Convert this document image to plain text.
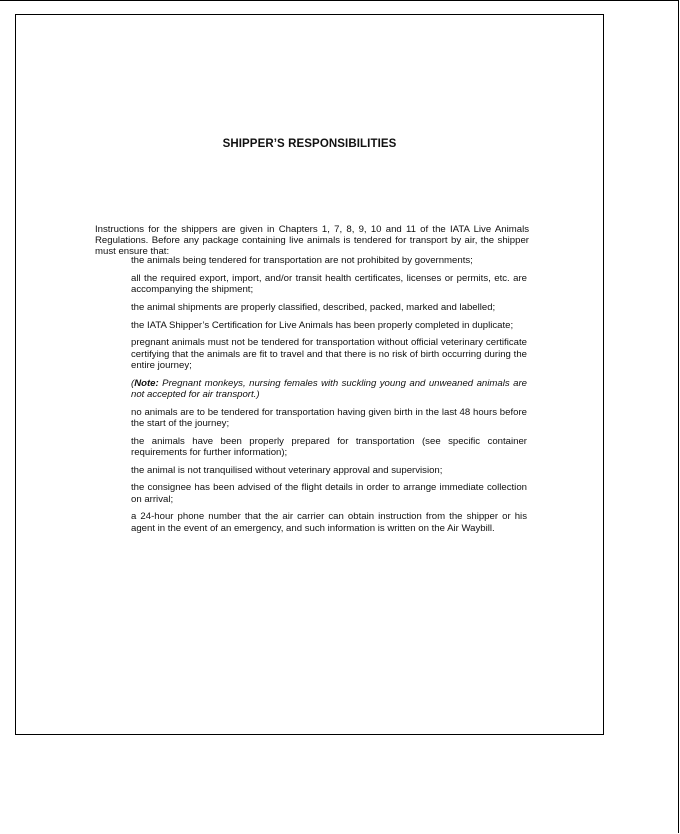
SHIPPER’S RESPONSIBILITIES

Instructions for the shippers are given in Chapters 1, 7, 8, 9, 10 and 11 of the IATA Live Animals Regulations. Before any package containing live animals is tendered for transport by air, the shipper must ensure that:

the animals being tendered for transportation are not prohibited by governments;
all the required export, import, and/or transit health certificates, licenses or permits, etc. are accompanying the shipment;
the animal shipments are properly classified, described, packed, marked and labelled;
the IATA Shipper’s Certification for Live Animals has been properly completed in duplicate;
pregnant animals must not be tendered for transportation without official veterinary certificate certifying that the animals are fit to travel and that there is no risk of birth occurring during the entire journey;
(Note: Pregnant monkeys, nursing females with suckling young and unweaned animals are not accepted for air transport.)
no animals are to be tendered for transportation having given birth in the last 48 hours before the start of the journey;
the animals have been properly prepared for transportation (see specific container requirements for further information);
the animal is not tranquilised without veterinary approval and supervision;
the consignee has been advised of the flight details in order to arrange immediate collection on arrival;
a 24-hour phone number that the air carrier can obtain instruction from the shipper or his agent in the event of an emergency, and such information is written on the Air Waybill.
